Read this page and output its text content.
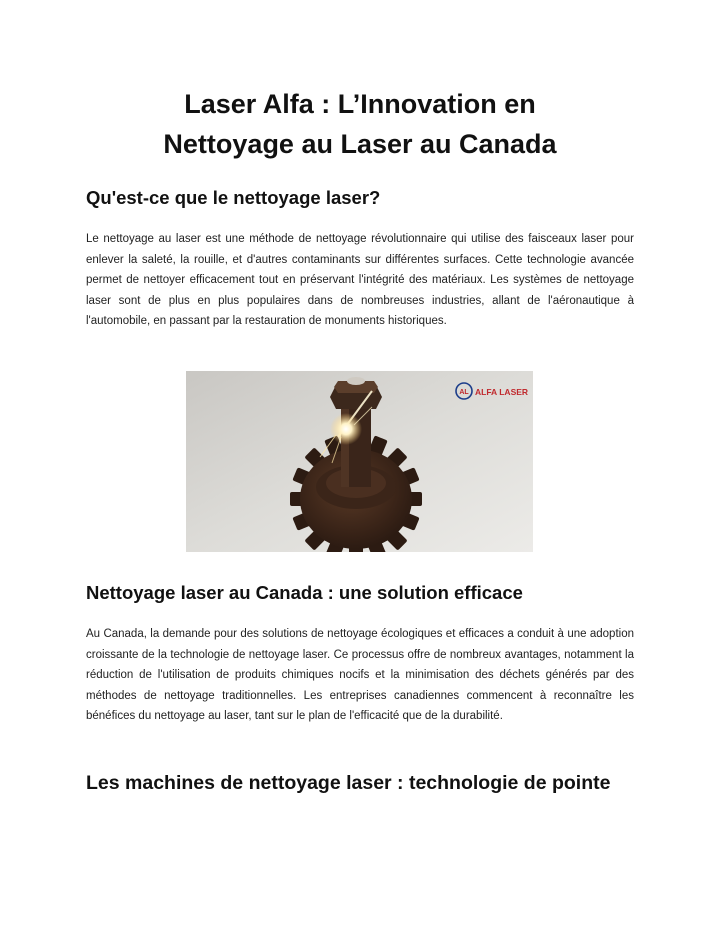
Laser Alfa : L’Innovation en
Nettoyage au Laser au Canada
Qu'est-ce que le nettoyage laser?

Le nettoyage au laser est une méthode de nettoyage révolutionnaire qui utilise des faisceaux laser pour enlever la saleté, la rouille, et d'autres contaminants sur différentes surfaces. Cette technologie avancée permet de nettoyer efficacement tout en préservant l'intégrité des matériaux. Les systèmes de nettoyage laser sont de plus en plus populaires dans de nombreuses industries, allant de l'aéronautique à l'automobile, en passant par la restauration de monuments historiques.

AL ALFA LASER
Nettoyage laser au Canada : une solution efficace

Au Canada, la demande pour des solutions de nettoyage écologiques et efficaces a conduit à une adoption croissante de la technologie de nettoyage laser. Ce processus offre de nombreux avantages, notamment la réduction de l'utilisation de produits chimiques nocifs et la minimisation des déchets générés par des méthodes de nettoyage traditionnelles. Les entreprises canadiennes commencent à reconnaître les bénéfices du nettoyage au laser, tant sur le plan de l'efficacité que de la durabilité.

Les machines de nettoyage laser : technologie de pointe
